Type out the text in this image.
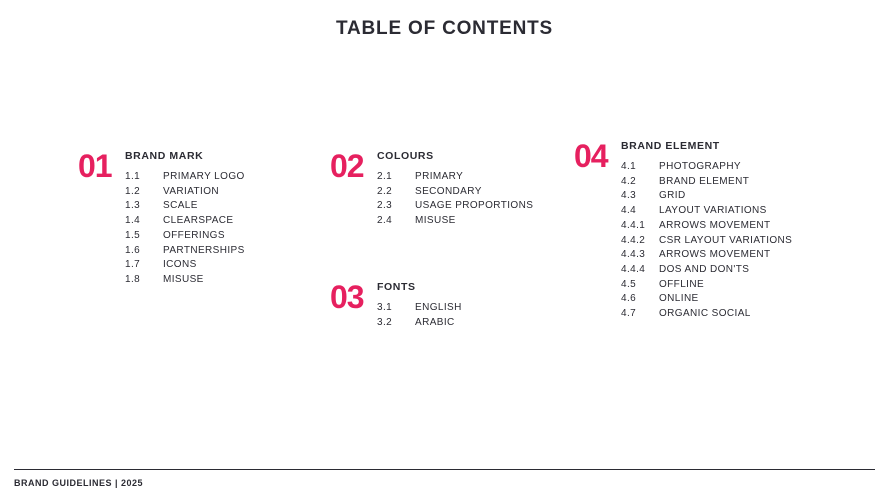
TABLE OF CONTENTS
01 BRAND MARK
1.1	PRIMARY LOGO
1.2	VARIATION
1.3	SCALE
1.4	CLEARSPACE
1.5	OFFERINGS
1.6	PARTNERSHIPS
1.7	ICONS
1.8	MISUSE
02 COLOURS
2.1	PRIMARY
2.2	SECONDARY
2.3	USAGE PROPORTIONS
2.4	MISUSE
03 FONTS
3.1	ENGLISH
3.2	ARABIC
04 BRAND ELEMENT
4.1	PHOTOGRAPHY
4.2	BRAND ELEMENT
4.3	GRID
4.4	LAYOUT VARIATIONS
4.4.1	ARROWS MOVEMENT
4.4.2	CSR LAYOUT VARIATIONS
4.4.3	ARROWS MOVEMENT
4.4.4	DOS AND DON'TS
4.5	OFFLINE
4.6	ONLINE
4.7	ORGANIC SOCIAL
BRAND GUIDELINES | 2025
